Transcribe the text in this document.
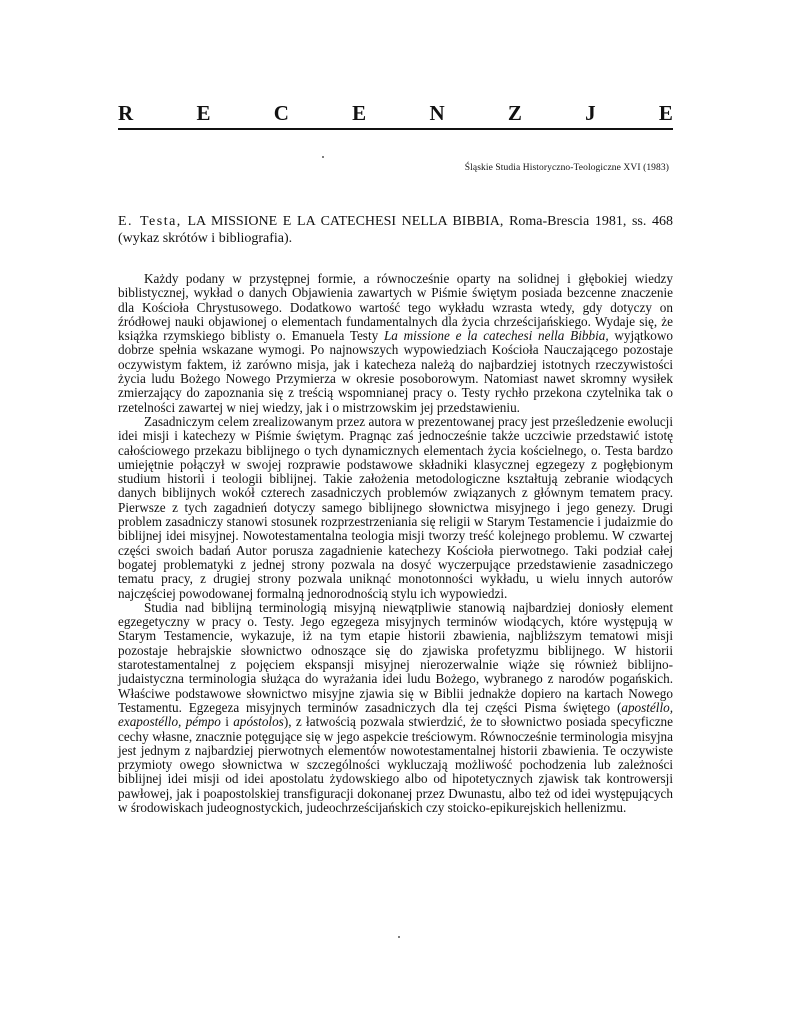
R	E	C	E	N	Z	J	E
Śląskie Studia Historyczno-Teologiczne XVI (1983)
E. Testa, LA MISSIONE E LA CATECHESI NELLA BIBBIA, Roma-Brescia 1981, ss. 468 (wykaz skrótów i bibliografia).

Każdy podany w przystępnej formie, a równocześnie oparty na solidnej i głębokiej wiedzy biblistycznej, wykład o danych Objawienia zawartych w Piśmie świętym posiada bezcenne znaczenie dla Kościoła Chrystusowego. Dodatkowo wartość tego wykładu wzrasta wtedy, gdy dotyczy on źródłowej nauki objawionej o elementach fundamentalnych dla życia chrześcijańskiego. Wydaje się, że książka rzymskiego biblisty o. Emanuela Testy La missione e la catechesi nella Bibbia, wyjątkowo dobrze spełnia wskazane wymogi. Po najnowszych wypowiedziach Kościoła Nauczającego pozostaje oczywistym faktem, iż zarówno misja, jak i katecheza należą do najbardziej istotnych rzeczywistości życia ludu Bożego Nowego Przymierza w okresie posoborowym. Natomiast nawet skromny wysiłek zmierzający do zapoznania się z treścią wspomnianej pracy o. Testy rychło przekona czytelnika tak o rzetelności zawartej w niej wiedzy, jak i o mistrzowskim jej przedstawieniu.

Zasadniczym celem zrealizowanym przez autora w prezentowanej pracy jest prześledzenie ewolucji idei misji i katechezy w Piśmie świętym. Pragnąc zaś jednocześnie także uczciwie przedstawić istotę całościowego przekazu biblijnego o tych dynamicznych elementach życia kościelnego, o. Testa bardzo umiejętnie połączył w swojej rozprawie podstawowe składniki klasycznej egzegezy z pogłębionym studium historii i teologii biblijnej. Takie założenia metodologiczne kształtują zebranie wiodących danych biblijnych wokół czterech zasadniczych problemów związanych z głównym tematem pracy. Pierwsze z tych zagadnień dotyczy samego biblijnego słownictwa misyjnego i jego genezy. Drugi problem zasadniczy stanowi stosunek rozprzestrzeniania się religii w Starym Testamencie i judaizmie do biblijnej idei misyjnej. Nowotestamentalna teologia misji tworzy treść kolejnego problemu. W czwartej części swoich badań Autor porusza zagadnienie katechezy Kościoła pierwotnego. Taki podział całej bogatej problematyki z jednej strony pozwala na dosyć wyczerpujące przedstawienie zasadniczego tematu pracy, z drugiej strony pozwala uniknąć monotonności wykładu, u wielu innych autorów najczęściej powodowanej formalną jednorodnością stylu ich wypowiedzi.

Studia nad biblijną terminologią misyjną niewątpliwie stanowią najbardziej doniosły element egzegetyczny w pracy o. Testy. Jego egzegeza misyjnych terminów wiodących, które występują w Starym Testamencie, wykazuje, iż na tym etapie historii zbawienia, najbliższym tematowi misji pozostaje hebrajskie słownictwo odnoszące się do zjawiska profetyzmu biblijnego. W historii starotestamentalnej z pojęciem ekspansji misyjnej nierozerwalnie wiąże się również biblijno-judaistyczna terminologia służąca do wyrażania idei ludu Bożego, wybranego z narodów pogańskich. Właściwe podstawowe słownictwo misyjne zjawia się w Biblii jednakże dopiero na kartach Nowego Testamentu. Egzegeza misyjnych terminów zasadniczych dla tej części Pisma świętego (apostéllo, exapostéllo, pémpo i apóstolos), z łatwością pozwala stwierdzić, że to słownictwo posiada specyficzne cechy własne, znacznie potęgujące się w jego aspekcie treściowym. Równocześnie terminologia misyjna jest jednym z najbardziej pierwotnych elementów nowotestamentalnej historii zbawienia. Te oczywiste przymioty owego słownictwa w szczególności wykluczają możliwość pochodzenia lub zależności biblijnej idei misji od idei apostolatu żydowskiego albo od hipotetycznych zjawisk tak kontrowersji pawłowej, jak i poapostolskiej transfiguracji dokonanej przez Dwunastu, albo też od idei występujących w środowiskach judeognostyckich, judeochrześcijańskich czy stoicko-epikurejskich hellenizmu.
